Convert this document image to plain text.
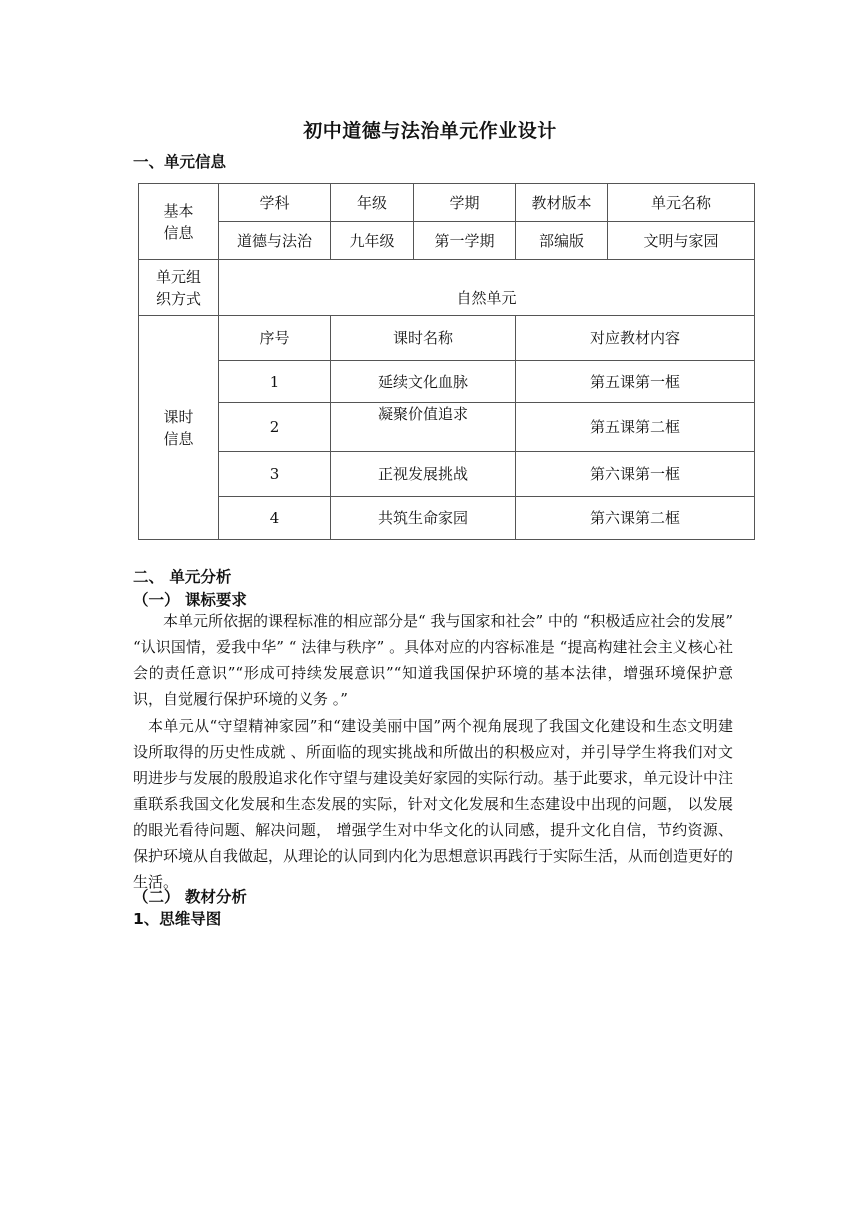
初中道德与法治单元作业设计
一、单元信息
基本
信息	学科	年级	学期	教材版本	单元名称
	道德与法治	九年级	第一学期	部编版	文明与家园

单元组
织方式	自然单元				

课时
信息	序号	课时名称		对应教材内容	
	1	延续文化血脉		第五课第一框	
	2	凝聚价值追求		第五课第二框	
	3	正视发展挑战		第六课第一框	
	4	共筑生命家园		第六课第二框	
二、 单元分析
（一） 课标要求
本单元所依据的课程标准的相应部分是“ 我与国家和社会” 中的 “积极适应社会的发展” “认识国情，爱我中华” “ 法律与秩序” 。具体对应的内容标准是 “提高构建社会主义核心社会的责任意识”“形成可持续发展意识”“知道我国保护环境的基本法律，增强环境保护意识，自觉履行保护环境的义务 。”
本单元从“守望精神家园”和“建设美丽中国”两个视角展现了我国文化建设和生态文明建设所取得的历史性成就 、所面临的现实挑战和所做出的积极应对，并引导学生将我们对文明进步与发展的殷殷追求化作守望与建设美好家园的实际行动。基于此要求，单元设计中注重联系我国文化发展和生态发展的实际，针对文化发展和生态建设中出现的问题， 以发展的眼光看待问题、解决问题， 增强学生对中华文化的认同感，提升文化自信，节约资源、保护环境从自我做起，从理论的认同到内化为思想意识再践行于实际生活，从而创造更好的生活。
（二） 教材分析
1、思维导图
